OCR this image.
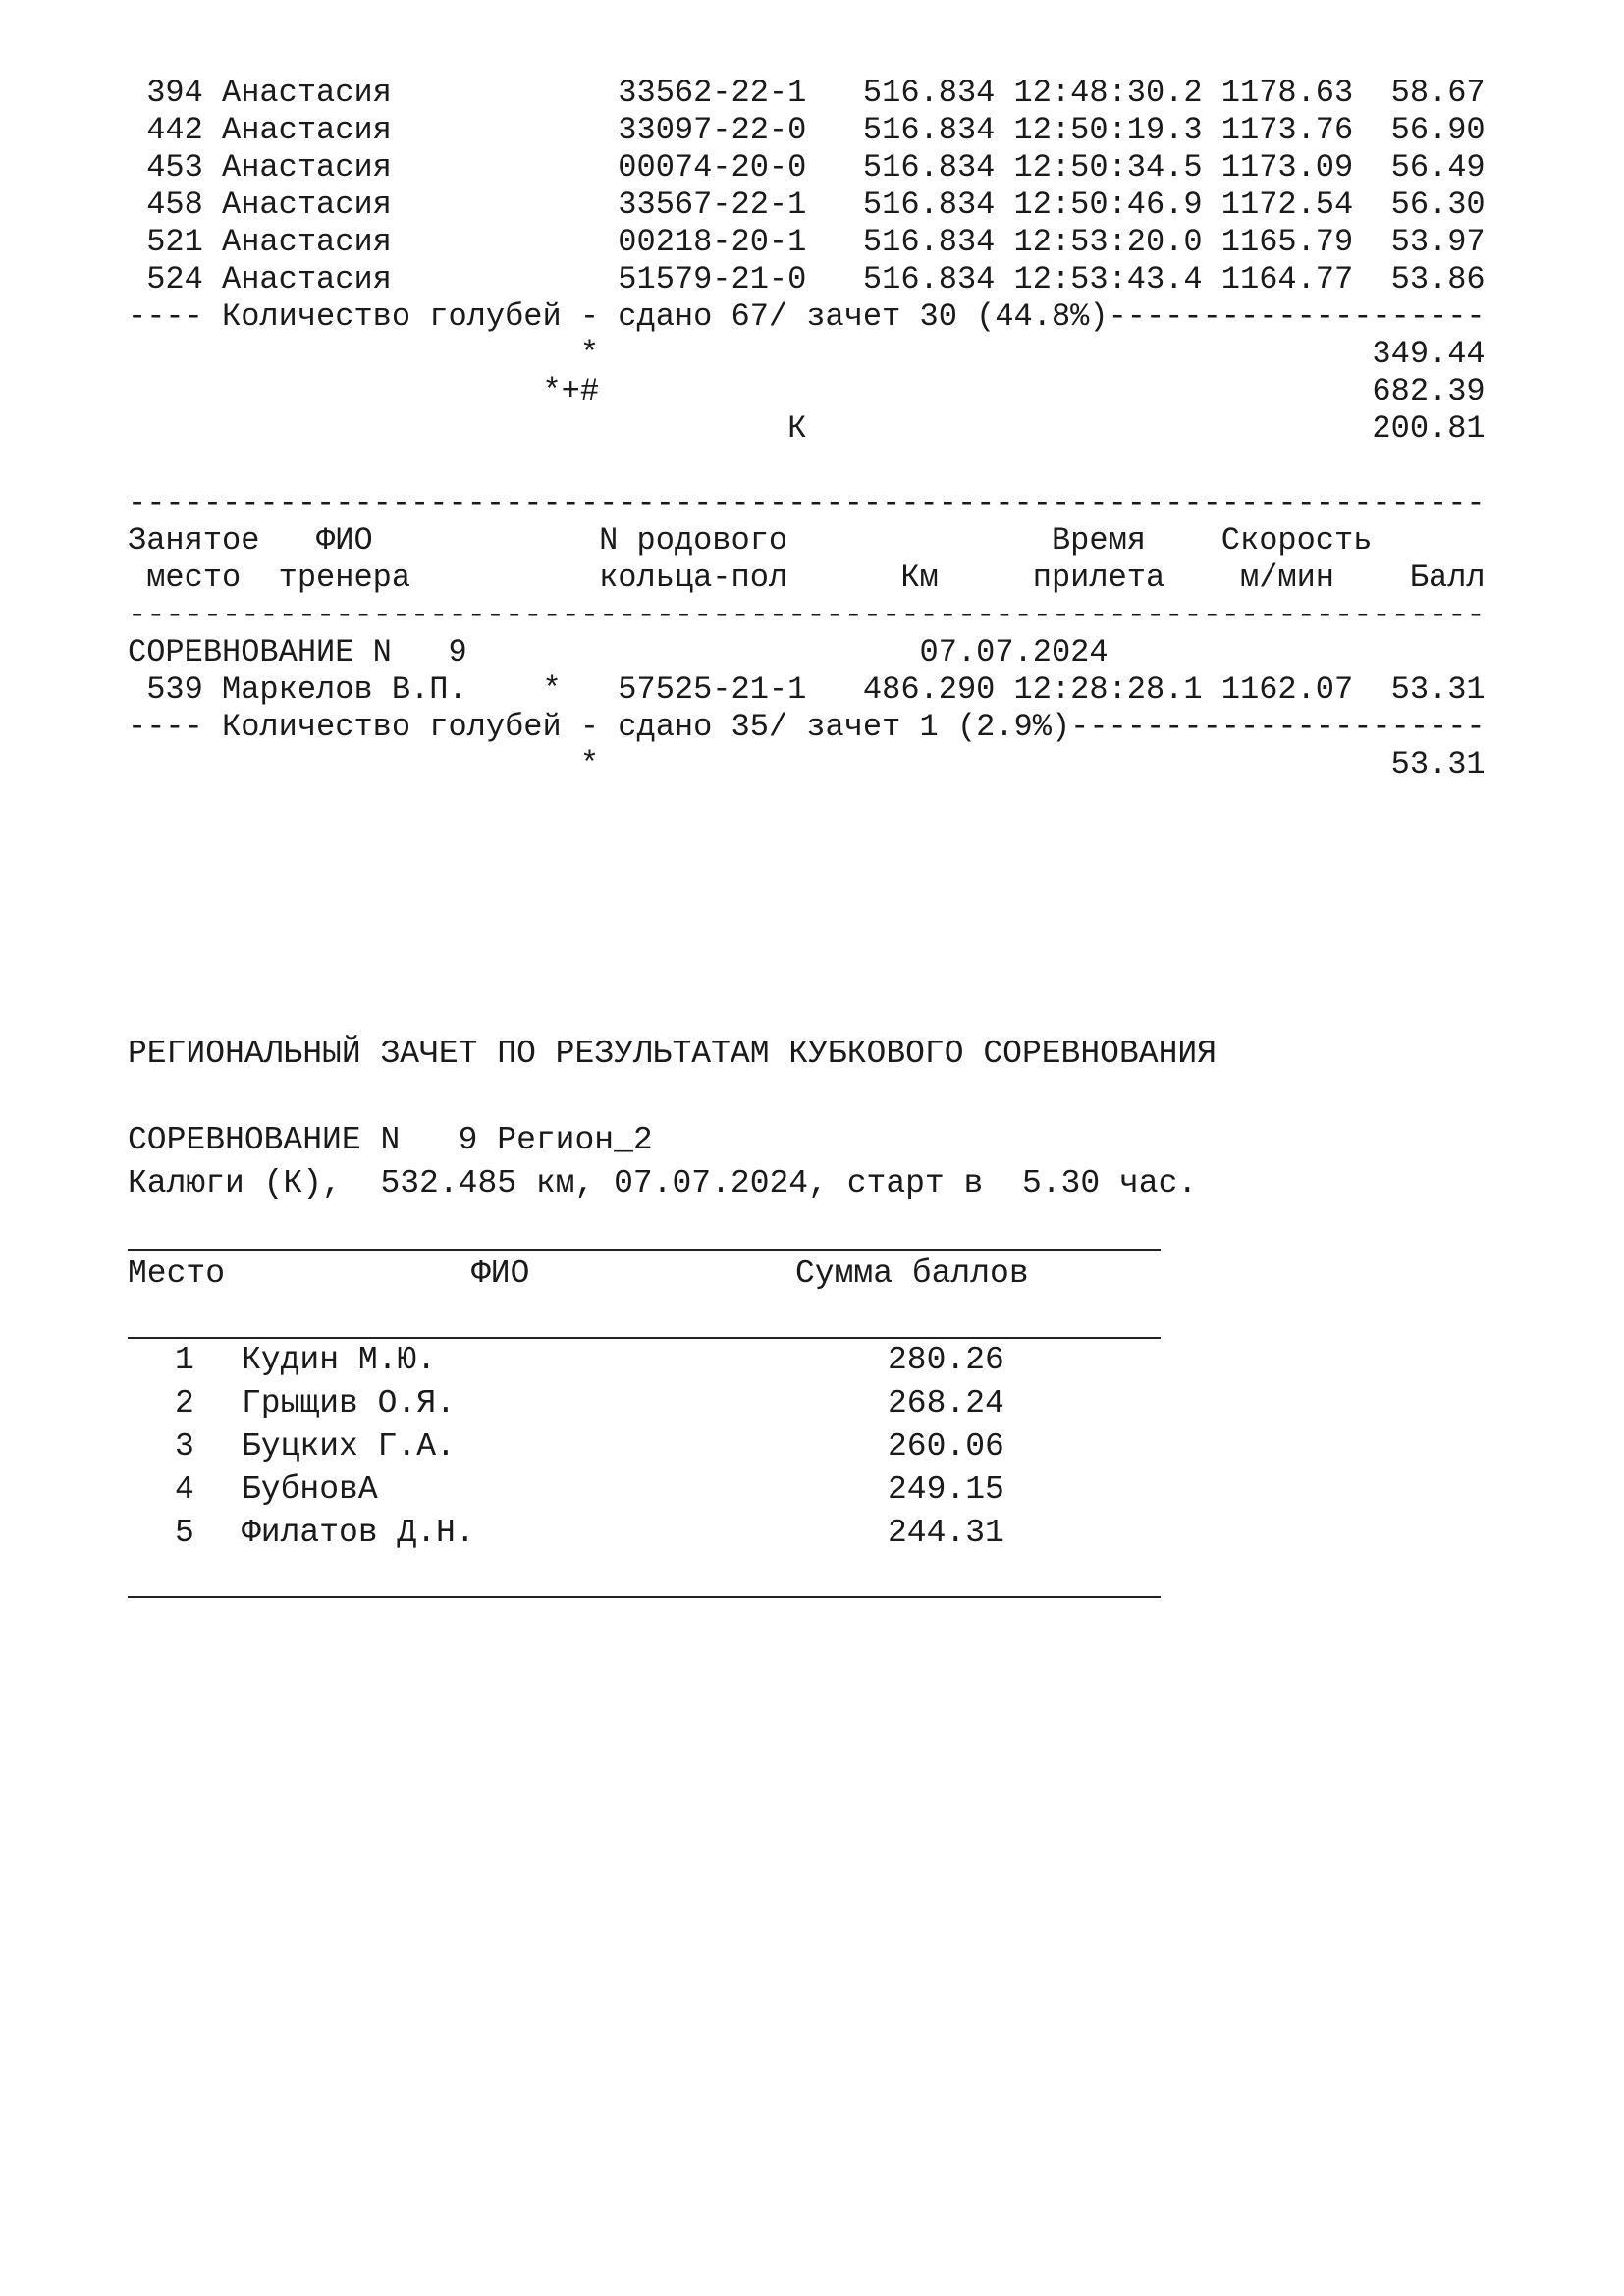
394 Анастасия            33562-22-1   516.834 12:48:30.2 1178.63  58.67
442 Анастасия            33097-22-0   516.834 12:50:19.3 1173.76  56.90
453 Анастасия            00074-20-0   516.834 12:50:34.5 1173.09  56.49
458 Анастасия            33567-22-1   516.834 12:50:46.9 1172.54  56.30
521 Анастасия            00218-20-1   516.834 12:53:20.0 1165.79  53.97
524 Анастасия            51579-21-0   516.834 12:53:43.4 1164.77  53.86
---- Количество голубей - сдано 67/ зачет 30 (44.8%)--------------------
*                                         349.44
*+#                                         682.39
К                              200.81

------------------------------------------------------------------------
Занятое   ФИО            N родового              Время    Скорость
место  тренера          кольца-пол      Км     прилета    м/мин    Балл
------------------------------------------------------------------------
СОРЕВНОВАНИЕ N   9                        07.07.2024
539 Маркелов В.П.    *   57525-21-1   486.290 12:28:28.1 1162.07  53.31
---- Количество голубей - сдано 35/ зачет 1 (2.9%)----------------------
*                                          53.31
РЕГИОНАЛЬНЫЙ ЗАЧЕТ ПО РЕЗУЛЬТАТАМ КУБКОВОГО СОРЕВНОВАНИЯ
СОРЕВНОВАНИЕ N   9 Регион_2
Калюги (К),  532.485 км, 07.07.2024, старт в  5.30 час.
Место	ФИО	Сумма баллов
1 Кудин М.Ю.	280.26
2 Грыщив О.Я.	268.24
3 Буцких Г.А.	260.06
4 БубновА	249.15
5 Филатов Д.Н.	244.31
